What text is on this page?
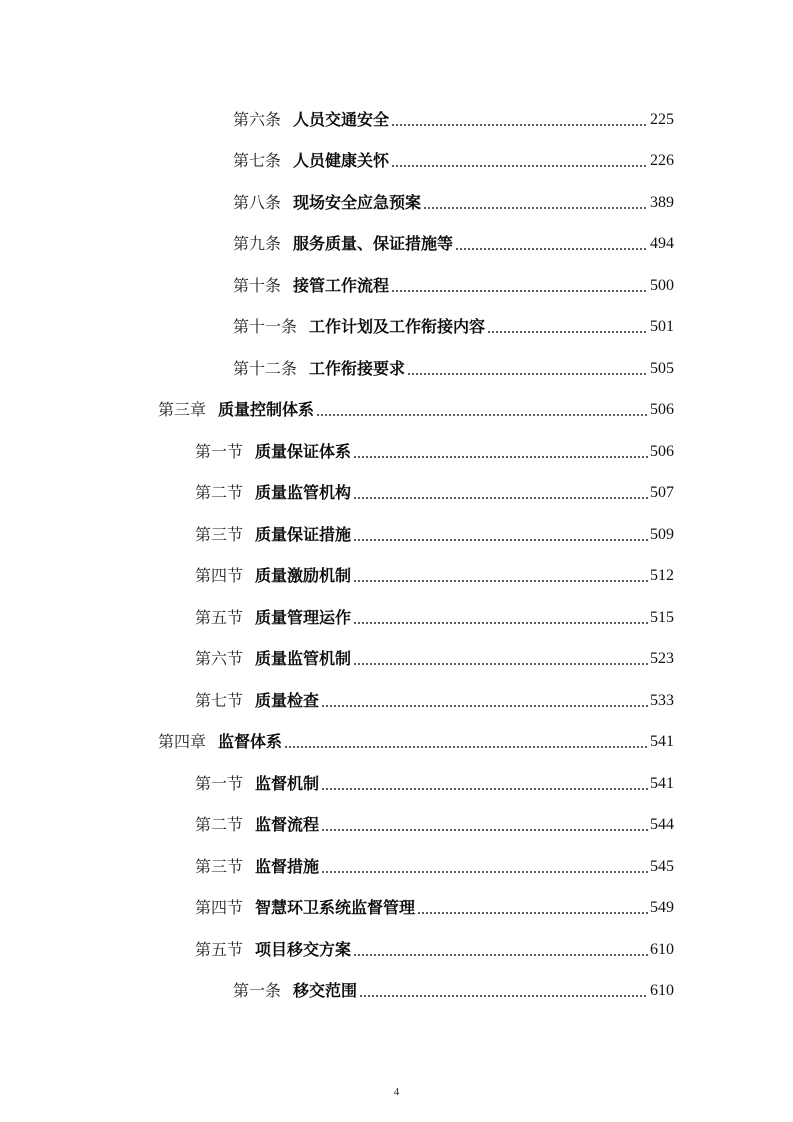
第六条 人员交通安全	225
第七条 人员健康关怀	226
第八条 现场安全应急预案	389
第九条 服务质量、保证措施等	494
第十条 接管工作流程	500
第十一条 工作计划及工作衔接内容	501
第十二条 工作衔接要求	505
第三章 质量控制体系	506
第一节 质量保证体系	506
第二节 质量监管机构	507
第三节 质量保证措施	509
第四节 质量激励机制	512
第五节 质量管理运作	515
第六节 质量监管机制	523
第七节 质量检查	533
第四章 监督体系	541
第一节 监督机制	541
第二节 监督流程	544
第三节 监督措施	545
第四节 智慧环卫系统监督管理	549
第五节 项目移交方案	610
第一条 移交范围	610
4
